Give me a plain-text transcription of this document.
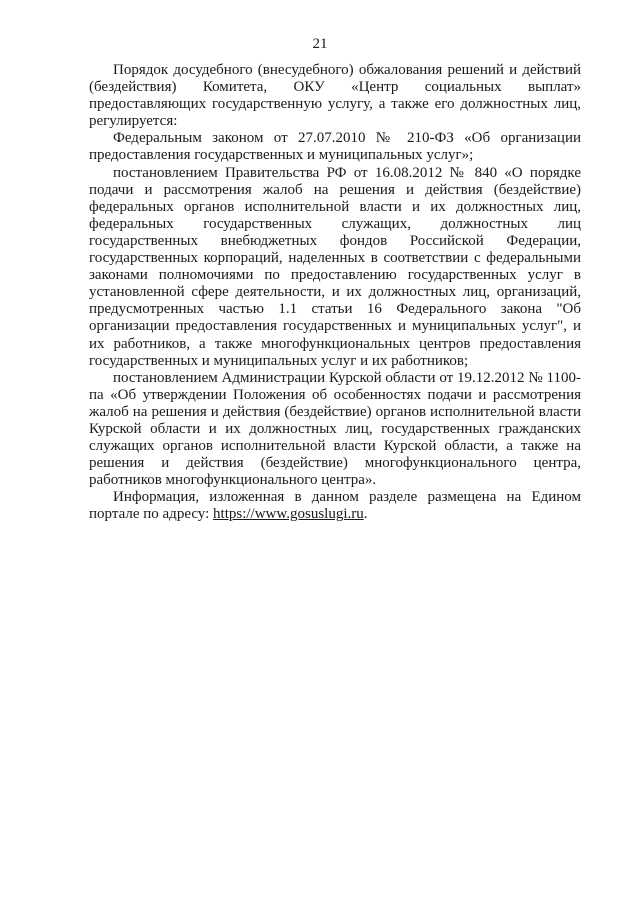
21

Порядок досудебного (внесудебного) обжалования решений и действий (бездействия) Комитета, ОКУ «Центр социальных выплат» предоставляющих государственную услугу, а также его должностных лиц, регулируется:

Федеральным законом от 27.07.2010 № 210-ФЗ «Об организации предоставления государственных и муниципальных услуг»;

постановлением Правительства РФ от 16.08.2012 № 840 «О порядке подачи и рассмотрения жалоб на решения и действия (бездействие) федеральных органов исполнительной власти и их должностных лиц, федеральных государственных служащих, должностных лиц государственных внебюджетных фондов Российской Федерации, государственных корпораций, наделенных в соответствии с федеральными законами полномочиями по предоставлению государственных услуг в установленной сфере деятельности, и их должностных лиц, организаций, предусмотренных частью 1.1 статьи 16 Федерального закона "Об организации предоставления государственных и муниципальных услуг", и их работников, а также многофункциональных центров предоставления государственных и муниципальных услуг и их работников;

постановлением Администрации Курской области от 19.12.2012 № 1100-па «Об утверждении Положения об особенностях подачи и рассмотрения жалоб на решения и действия (бездействие) органов исполнительной власти Курской области и их должностных лиц, государственных гражданских служащих органов исполнительной власти Курской области, а также на решения и действия (бездействие) многофункционального центра, работников многофункционального центра».

Информация, изложенная в данном разделе размещена на Едином портале по адресу: https://www.gosuslugi.ru.
